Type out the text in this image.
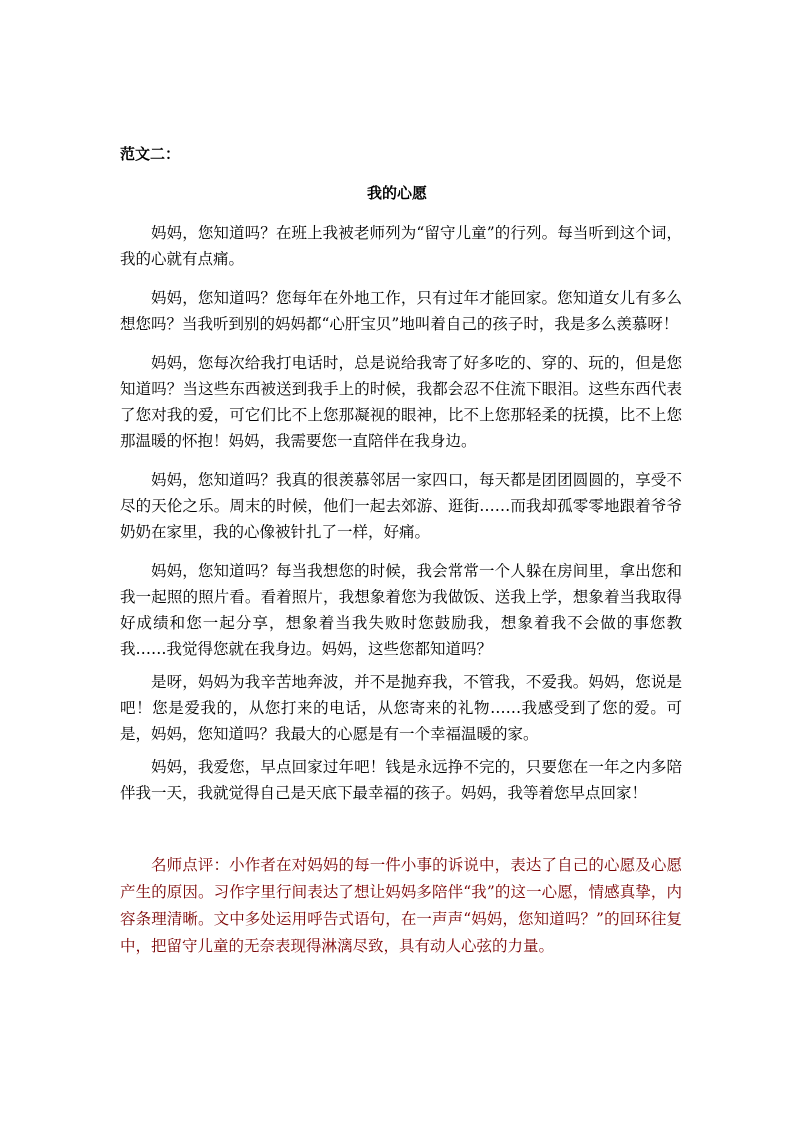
范文二：
我的心愿

妈妈，您知道吗？在班上我被老师列为“留守儿童”的行列。每当听到这个词，我的心就有点痛。

妈妈，您知道吗？您每年在外地工作，只有过年才能回家。您知道女儿有多么想您吗？当我听到别的妈妈都“心肝宝贝”地叫着自己的孩子时，我是多么羡慕呀！

妈妈，您每次给我打电话时，总是说给我寄了好多吃的、穿的、玩的，但是您知道吗？当这些东西被送到我手上的时候，我都会忍不住流下眼泪。这些东西代表了您对我的爱，可它们比不上您那凝视的眼神，比不上您那轻柔的抚摸，比不上您那温暖的怀抱！妈妈，我需要您一直陪伴在我身边。

妈妈，您知道吗？我真的很羡慕邻居一家四口，每天都是团团圆圆的，享受不尽的天伦之乐。周末的时候，他们一起去郊游、逛街……而我却孤零零地跟着爷爷奶奶在家里，我的心像被针扎了一样，好痛。

妈妈，您知道吗？每当我想您的时候，我会常常一个人躲在房间里，拿出您和我一起照的照片看。看着照片，我想象着您为我做饭、送我上学，想象着当我取得好成绩和您一起分享，想象着当我失败时您鼓励我，想象着我不会做的事您教我……我觉得您就在我身边。妈妈，这些您都知道吗？

是呀，妈妈为我辛苦地奔波，并不是抛弃我，不管我，不爱我。妈妈，您说是吧！您是爱我的，从您打来的电话，从您寄来的礼物……我感受到了您的爱。可是，妈妈，您知道吗？我最大的心愿是有一个幸福温暖的家。

妈妈，我爱您，早点回家过年吧！钱是永远挣不完的，只要您在一年之内多陪伴我一天，我就觉得自己是天底下最幸福的孩子。妈妈，我等着您早点回家！

名师点评：小作者在对妈妈的每一件小事的诉说中，表达了自己的心愿及心愿产生的原因。习作字里行间表达了想让妈妈多陪伴“我”的这一心愿，情感真挚，内容条理清晰。文中多处运用呼告式语句，在一声声“妈妈，您知道吗？”的回环往复中，把留守儿童的无奈表现得淋漓尽致，具有动人心弦的力量。
